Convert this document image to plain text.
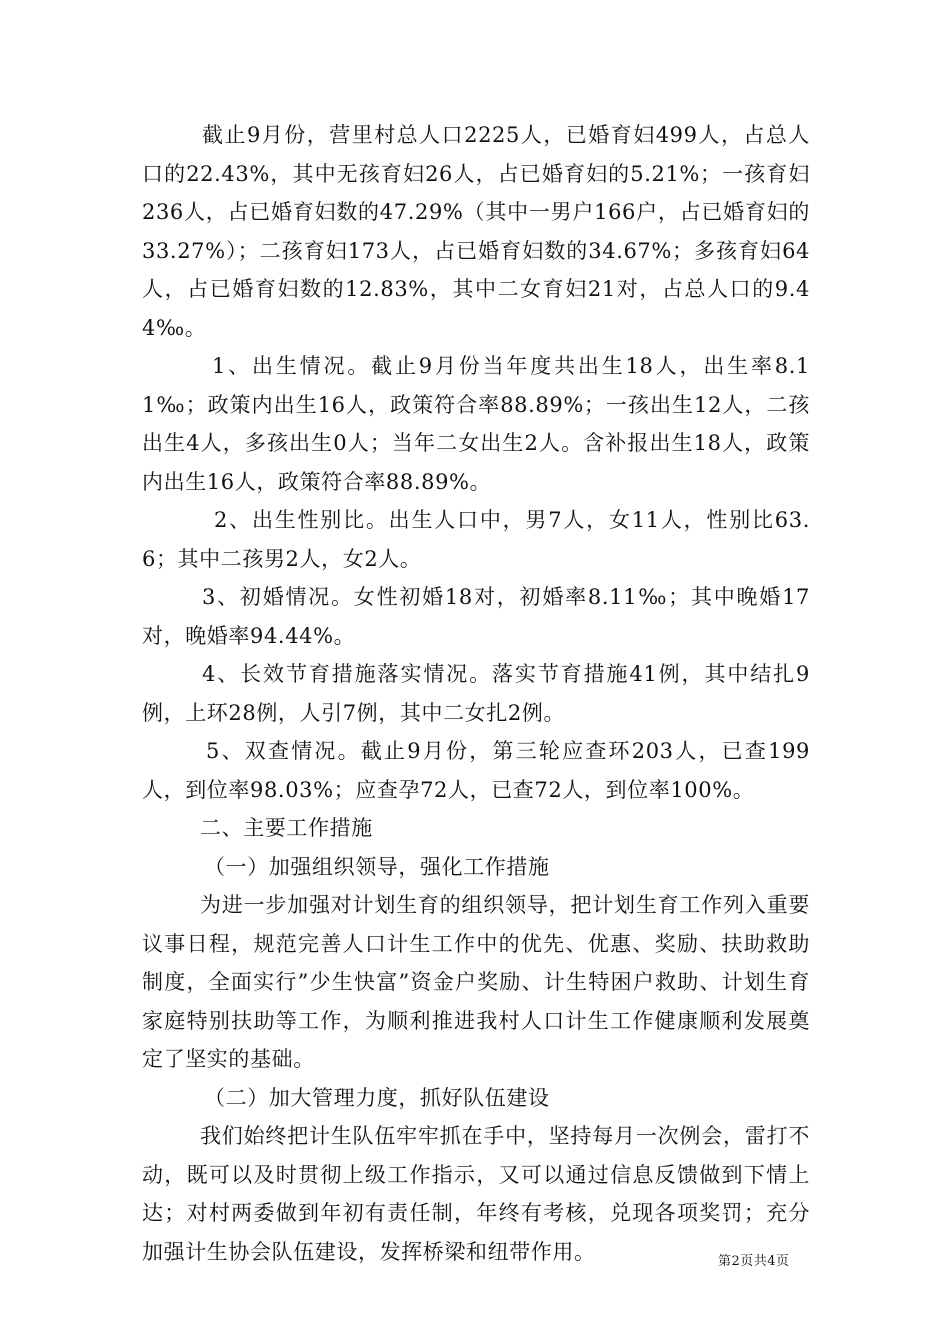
截止9月份，营里村总人口2225人，已婚育妇499人，占总人口的22.43%，其中无孩育妇26人，占已婚育妇的5.21%；一孩育妇236人，占已婚育妇数的47.29%（其中一男户166户，占已婚育妇的33.27%）；二孩育妇173人，占已婚育妇数的34.67%；多孩育妇64人，占已婚育妇数的12.83%，其中二女育妇21对，占总人口的9.44‰。

1、出生情况。截止9月份当年度共出生18人，出生率8.11‰；政策内出生16人，政策符合率88.89%；一孩出生12人，二孩出生4人，多孩出生0人；当年二女出生2人。含补报出生18人，政策内出生16人，政策符合率88.89%。

2、出生性别比。出生人口中，男7人，女11人，性别比63.6；其中二孩男2人，女2人。

3、初婚情况。女性初婚18对，初婚率8.11‰；其中晚婚17对，晚婚率94.44%。

4、长效节育措施落实情况。落实节育措施41例，其中结扎9例，上环28例，人引7例，其中二女扎2例。

5、双查情况。截止9月份，第三轮应查环203人，已查199人，到位率98.03%；应查孕72人，已查72人，到位率100%。

二、主要工作措施

（一）加强组织领导，强化工作措施

为进一步加强对计划生育的组织领导，把计划生育工作列入重要议事日程，规范完善人口计生工作中的优先、优惠、奖励、扶助救助制度，全面实行”少生快富”资金户奖励、计生特困户救助、计划生育家庭特别扶助等工作，为顺利推进我村人口计生工作健康顺利发展奠定了坚实的基础。

（二）加大管理力度，抓好队伍建设

我们始终把计生队伍牢牢抓在手中，坚持每月一次例会，雷打不动，既可以及时贯彻上级工作指示，又可以通过信息反馈做到下情上达；对村两委做到年初有责任制，年终有考核，兑现各项奖罚；充分加强计生协会队伍建设，发挥桥梁和纽带作用。	第2页共4页
